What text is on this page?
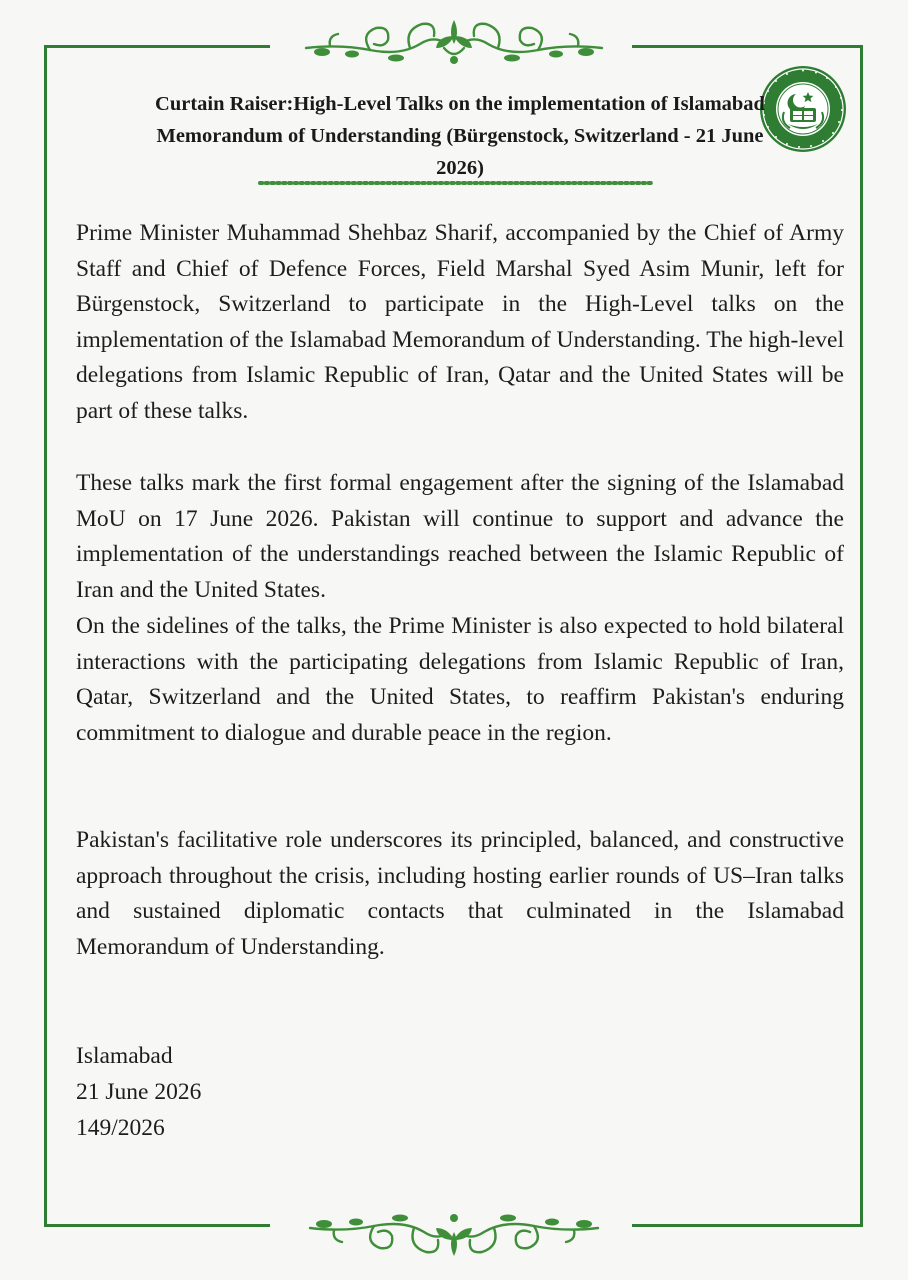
Curtain Raiser:High-Level Talks on the implementation of Islamabad Memorandum of Understanding (Bürgenstock, Switzerland - 21 June 2026)

Prime Minister Muhammad Shehbaz Sharif, accompanied by the Chief of Army Staff and Chief of Defence Forces, Field Marshal Syed Asim Munir, left for Bürgenstock, Switzerland to participate in the High-Level talks on the implementation of the Islamabad Memorandum of Understanding. The high-level delegations from Islamic Republic of Iran, Qatar and the United States will be part of these talks.

These talks mark the first formal engagement after the signing of the Islamabad MoU on 17 June 2026. Pakistan will continue to support and advance the implementation of the understandings reached between the Islamic Republic of Iran and the United States.

On the sidelines of the talks, the Prime Minister is also expected to hold bilateral interactions with the participating delegations from Islamic Republic of Iran, Qatar, Switzerland and the United States, to reaffirm Pakistan's enduring commitment to dialogue and durable peace in the region.

Pakistan's facilitative role underscores its principled, balanced, and constructive approach throughout the crisis, including hosting earlier rounds of US–Iran talks and sustained diplomatic contacts that culminated in the Islamabad Memorandum of Understanding.

Islamabad
21 June 2026
149/2026
